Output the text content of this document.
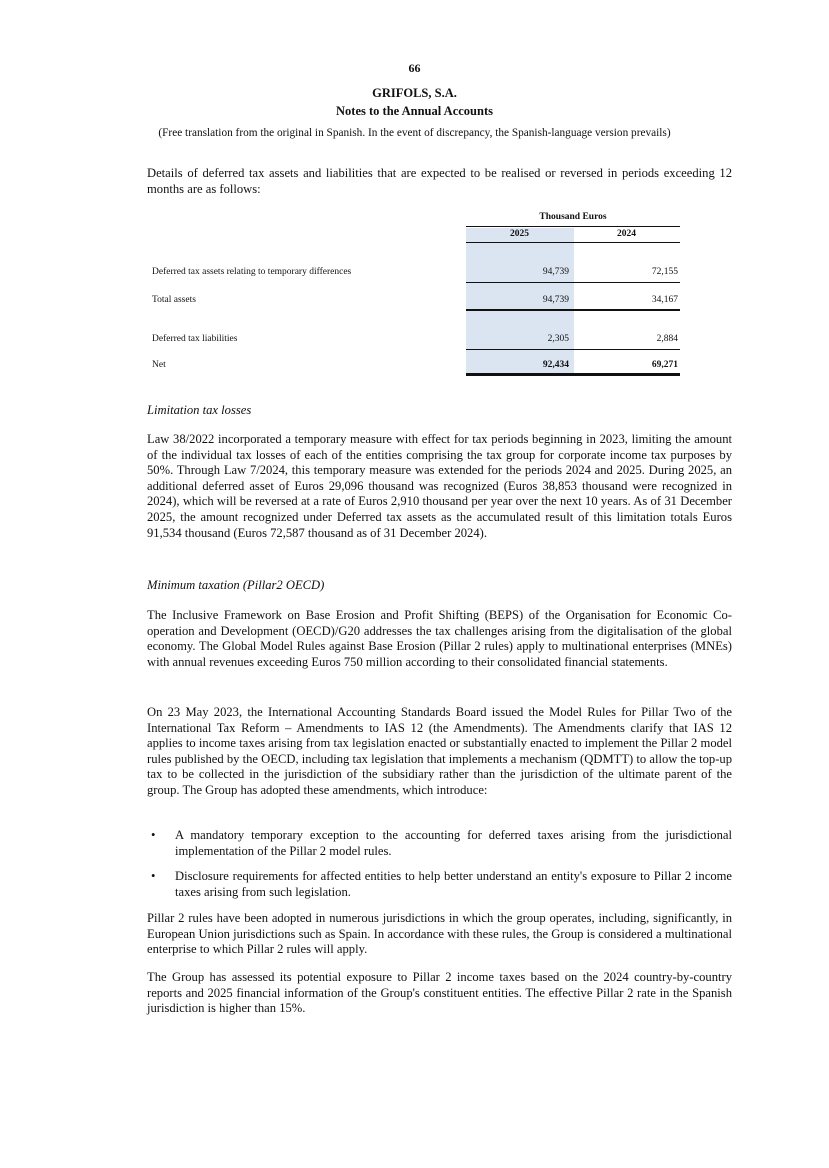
66
GRIFOLS, S.A.
Notes to the Annual Accounts
(Free translation from the original in Spanish. In the event of discrepancy, the Spanish-language version prevails)

Details of deferred tax assets and liabilities that are expected to be realised or reversed in periods exceeding 12 months are as follows:

Thousand Euros
2025	2024
Deferred tax assets relating to temporary differences	94,739	72,155
Total assets	94,739	34,167
Deferred tax liabilities	2,305	2,884
Net	92,434	69,271
Limitation tax losses

Law 38/2022 incorporated a temporary measure with effect for tax periods beginning in 2023, limiting the amount of the individual tax losses of each of the entities comprising the tax group for corporate income tax purposes by 50%. Through Law 7/2024, this temporary measure was extended for the periods 2024 and 2025. During 2025, an additional deferred asset of Euros 29,096 thousand was recognized (Euros 38,853 thousand were recognized in 2024), which will be reversed at a rate of Euros 2,910 thousand per year over the next 10 years. As of 31 December 2025, the amount recognized under Deferred tax assets as the accumulated result of this limitation totals Euros 91,534 thousand (Euros 72,587 thousand as of 31 December 2024).

Minimum taxation (Pillar2 OECD)

The Inclusive Framework on Base Erosion and Profit Shifting (BEPS) of the Organisation for Economic Co-operation and Development (OECD)/G20 addresses the tax challenges arising from the digitalisation of the global economy. The Global Model Rules against Base Erosion (Pillar 2 rules) apply to multinational enterprises (MNEs) with annual revenues exceeding Euros 750 million according to their consolidated financial statements.

On 23 May 2023, the International Accounting Standards Board issued the Model Rules for Pillar Two of the International Tax Reform – Amendments to IAS 12 (the Amendments). The Amendments clarify that IAS 12 applies to income taxes arising from tax legislation enacted or substantially enacted to implement the Pillar 2 model rules published by the OECD, including tax legislation that implements a mechanism (QDMTT) to allow the top-up tax to be collected in the jurisdiction of the subsidiary rather than the jurisdiction of the ultimate parent of the group. The Group has adopted these amendments, which introduce:

• A mandatory temporary exception to the accounting for deferred taxes arising from the jurisdictional implementation of the Pillar 2 model rules.
• Disclosure requirements for affected entities to help better understand an entity's exposure to Pillar 2 income taxes arising from such legislation.

Pillar 2 rules have been adopted in numerous jurisdictions in which the group operates, including, significantly, in European Union jurisdictions such as Spain. In accordance with these rules, the Group is considered a multinational enterprise to which Pillar 2 rules will apply.

The Group has assessed its potential exposure to Pillar 2 income taxes based on the 2024 country-by-country reports and 2025 financial information of the Group's constituent entities. The effective Pillar 2 rate in the Spanish jurisdiction is higher than 15%.
